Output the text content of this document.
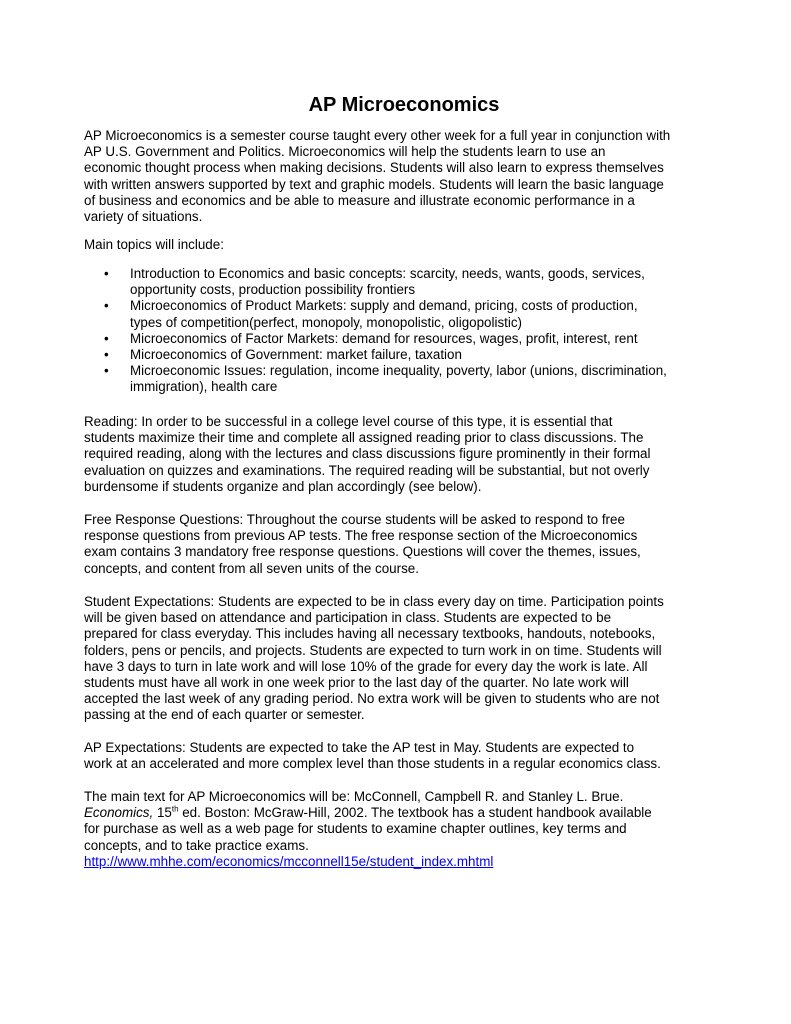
AP Microeconomics

AP Microeconomics is a semester course taught every other week for a full year in conjunction with
AP U.S. Government and Politics. Microeconomics will help the students learn to use an
economic thought process when making decisions. Students will also learn to express themselves
with written answers supported by text and graphic models. Students will learn the basic language
of business and economics and be able to measure and illustrate economic performance in a
variety of situations.

Main topics will include:

• Introduction to Economics and basic concepts: scarcity, needs, wants, goods, services,
opportunity costs, production possibility frontiers
• Microeconomics of Product Markets: supply and demand, pricing, costs of production,
types of competition(perfect, monopoly, monopolistic, oligopolistic)
• Microeconomics of Factor Markets: demand for resources, wages, profit, interest, rent
• Microeconomics of Government: market failure, taxation
• Microeconomic Issues: regulation, income inequality, poverty, labor (unions, discrimination,
immigration), health care

Reading: In order to be successful in a college level course of this type, it is essential that
students maximize their time and complete all assigned reading prior to class discussions. The
required reading, along with the lectures and class discussions figure prominently in their formal
evaluation on quizzes and examinations. The required reading will be substantial, but not overly
burdensome if students organize and plan accordingly (see below).

Free Response Questions: Throughout the course students will be asked to respond to free
response questions from previous AP tests. The free response section of the Microeconomics
exam contains 3 mandatory free response questions. Questions will cover the themes, issues,
concepts, and content from all seven units of the course.

Student Expectations: Students are expected to be in class every day on time. Participation points
will be given based on attendance and participation in class. Students are expected to be
prepared for class everyday. This includes having all necessary textbooks, handouts, notebooks,
folders, pens or pencils, and projects. Students are expected to turn work in on time. Students will
have 3 days to turn in late work and will lose 10% of the grade for every day the work is late. All
students must have all work in one week prior to the last day of the quarter. No late work will
accepted the last week of any grading period. No extra work will be given to students who are not
passing at the end of each quarter or semester.

AP Expectations: Students are expected to take the AP test in May. Students are expected to
work at an accelerated and more complex level than those students in a regular economics class.

The main text for AP Microeconomics will be: McConnell, Campbell R. and Stanley L. Brue.
Economics, 15th ed. Boston: McGraw-Hill, 2002. The textbook has a student handbook available
for purchase as well as a web page for students to examine chapter outlines, key terms and
concepts, and to take practice exams.
http://www.mhhe.com/economics/mcconnell15e/student_index.mhtml
